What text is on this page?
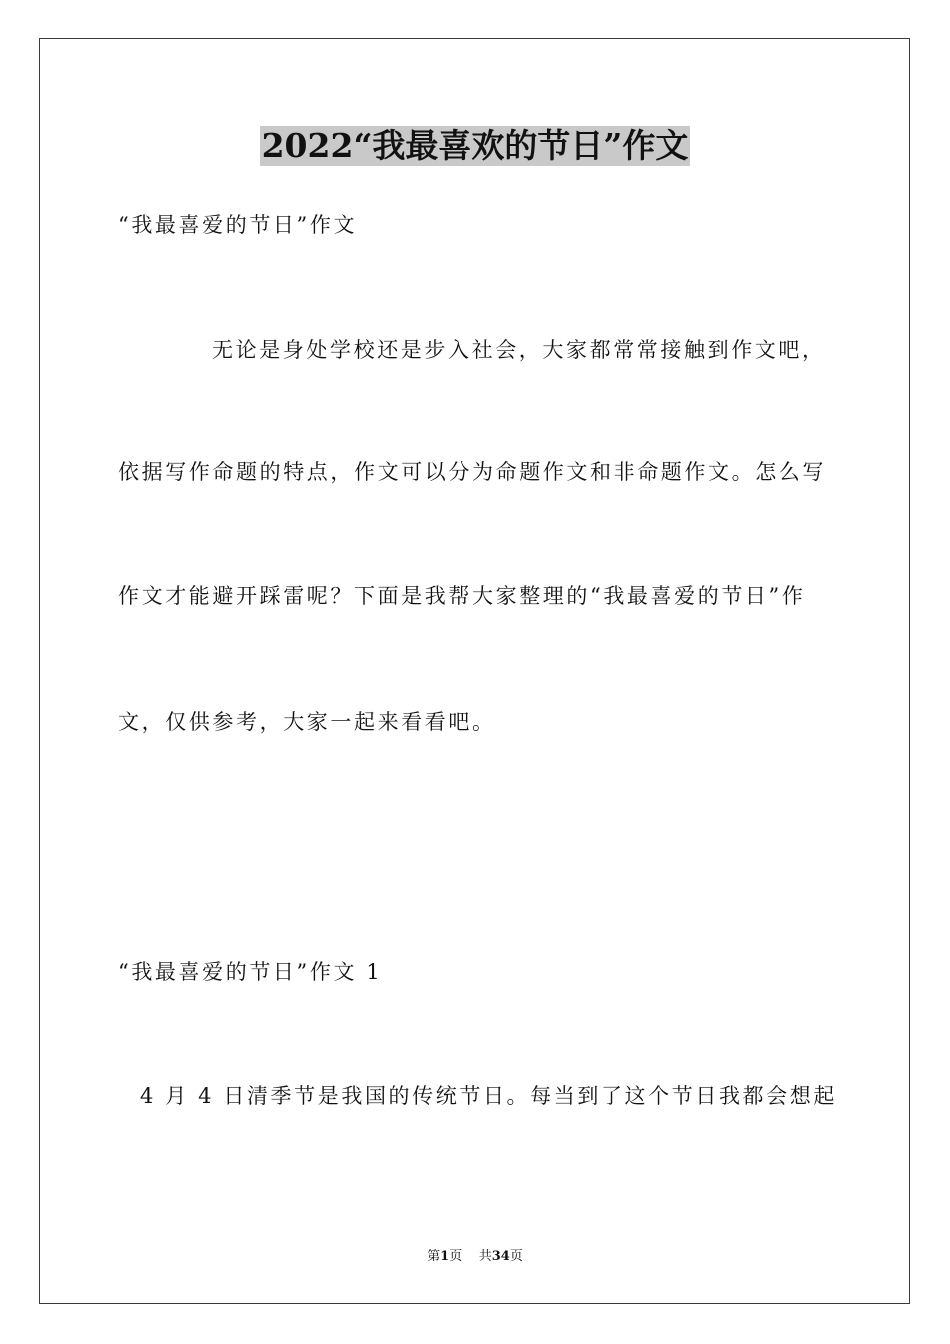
2022“我最喜欢的节日”作文
“我最喜爱的节日”作文
无论是身处学校还是步入社会，大家都常常接触到作文吧，
依据写作命题的特点，作文可以分为命题作文和非命题作文。怎么写
作文才能避开踩雷呢？下面是我帮大家整理的“我最喜爱的节日”作
文，仅供参考，大家一起来看看吧。
“我最喜爱的节日”作文 1
4 月 4 日清季节是我国的传统节日。每当到了这个节日我都会想起
第1页 共34页
